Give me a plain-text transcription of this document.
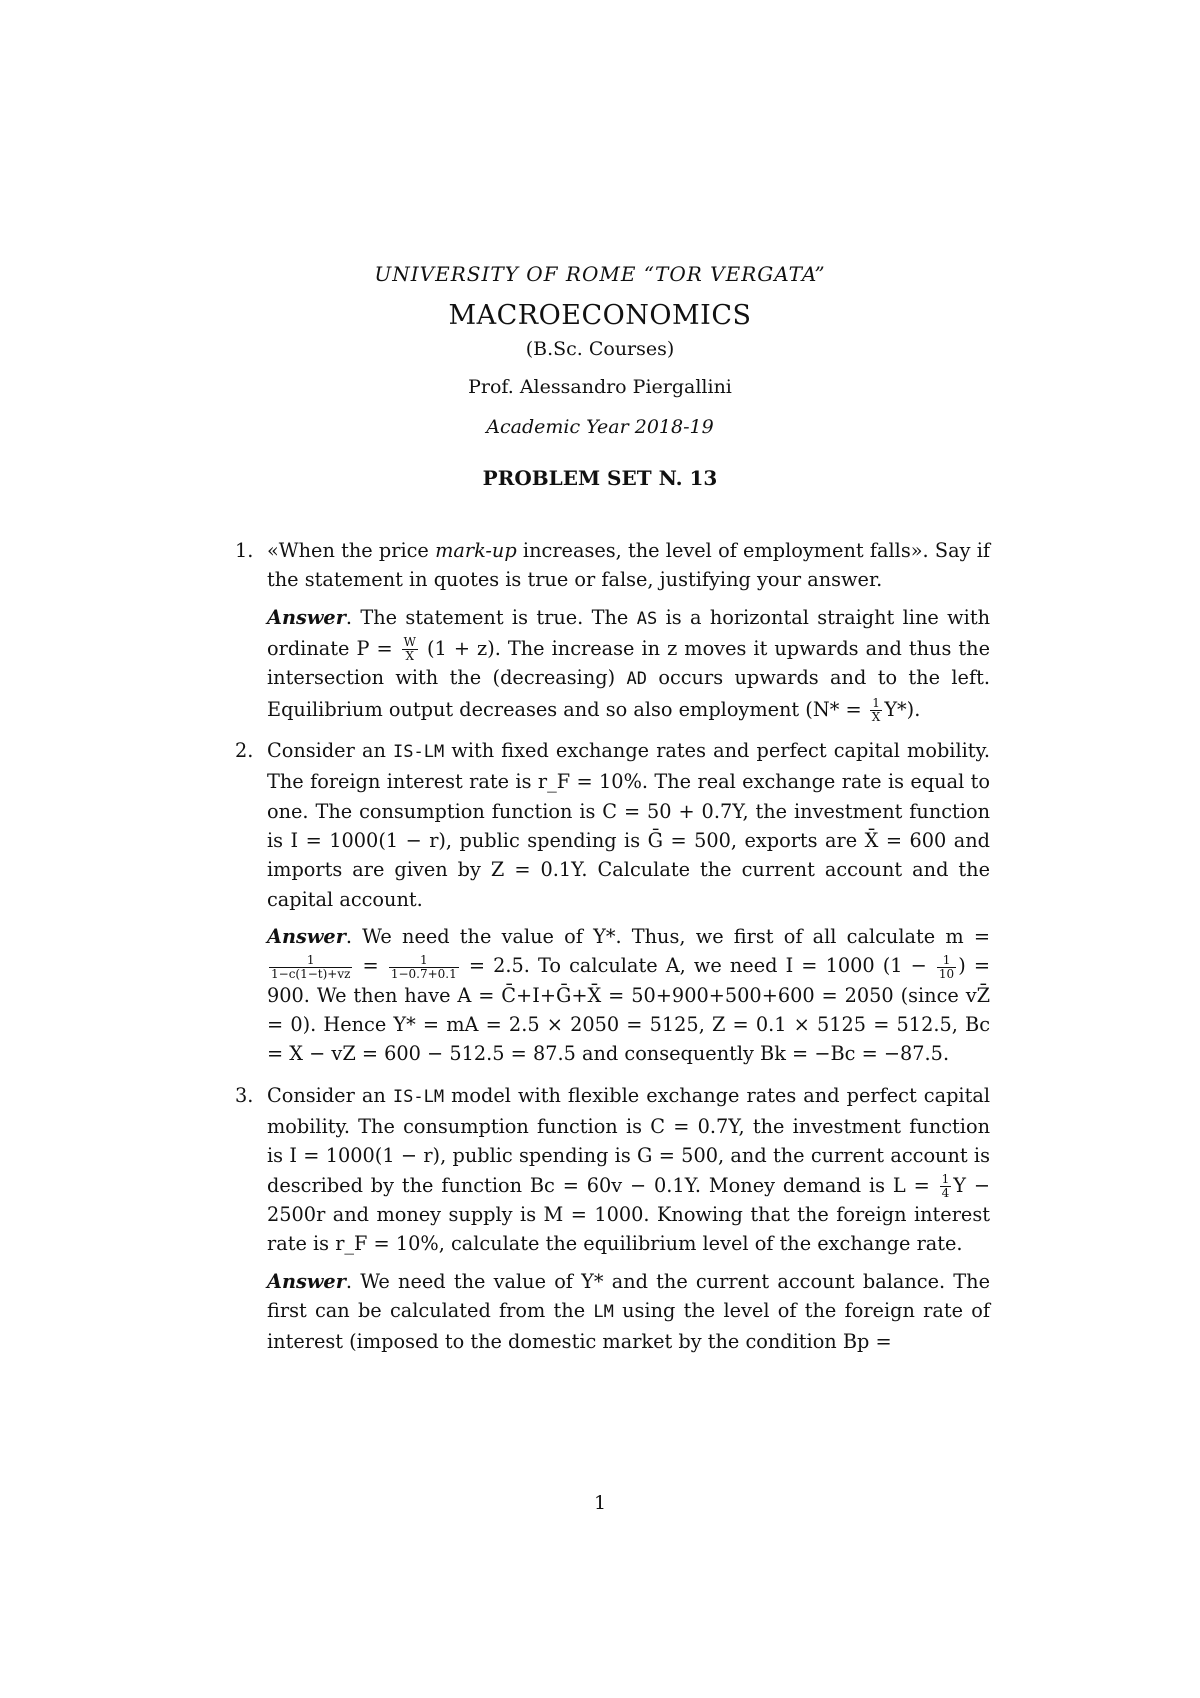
UNIVERSITY OF ROME “TOR VERGATA”
MACROECONOMICS
(B.Sc. Courses)
Prof. Alessandro Piergallini
Academic Year 2018-19
PROBLEM SET N. 13
1. «When the price mark-up increases, the level of employment falls». Say if the statement in quotes is true or false, justifying your answer.

Answer. The statement is true. The AS is a horizontal straight line with ordinate $P = \frac{W}{X} (1 + z)$. The increase in z moves it upwards and thus the intersection with the (decreasing) AD occurs upwards and to the left. Equilibrium output decreases and so also employment $(N* = \frac{1}{X} Y*)$.

2. Consider an IS-LM with fixed exchange rates and perfect capital mobility. The foreign interest rate is r_F = 10%. The real exchange rate is equal to one. The consumption function is C = 50 + 0.7Y, the investment function is I = 1000(1 − r), public spending is Ḡ = 500, exports are X̄ = 600 and imports are given by Z = 0.1Y. Calculate the current account and the capital account.

Answer. We need the value of Y*. Thus, we first of all calculate m =
$\frac{1}{1-c(1-t)+vz} = \frac{1}{1-0.7+0.1} = 2.5$. To calculate A, we need I = 1000 ($1 - \frac{1}{10}$ ) = 900. We then have A = C̄+I+Ḡ+X̄ = 50+900+500+600 = 2050 (since vZ̄ = 0). Hence Y* = mA = 2.5 × 2050 = 5125, Z = 0.1 × 5125 = 512.5, Bc = X − vZ = 600 − 512.5 = 87.5 and consequently Bk = −Bc = −87.5.

3. Consider an IS-LM model with flexible exchange rates and perfect capital mobility. The consumption function is C = 0.7Y, the investment function is I = 1000(1 − r), public spending is G = 500, and the current account is described by the function Bc = 60v − 0.1Y. Money demand is $L = \frac{1}{4}$ Y − 2500r and money supply is M = 1000. Knowing that the foreign interest rate is r_F = 10%, calculate the equilibrium level of the exchange rate.

Answer. We need the value of Y* and the current account balance. The first can be calculated from the LM using the level of the foreign rate of interest (imposed to the domestic market by the condition Bp =

1
